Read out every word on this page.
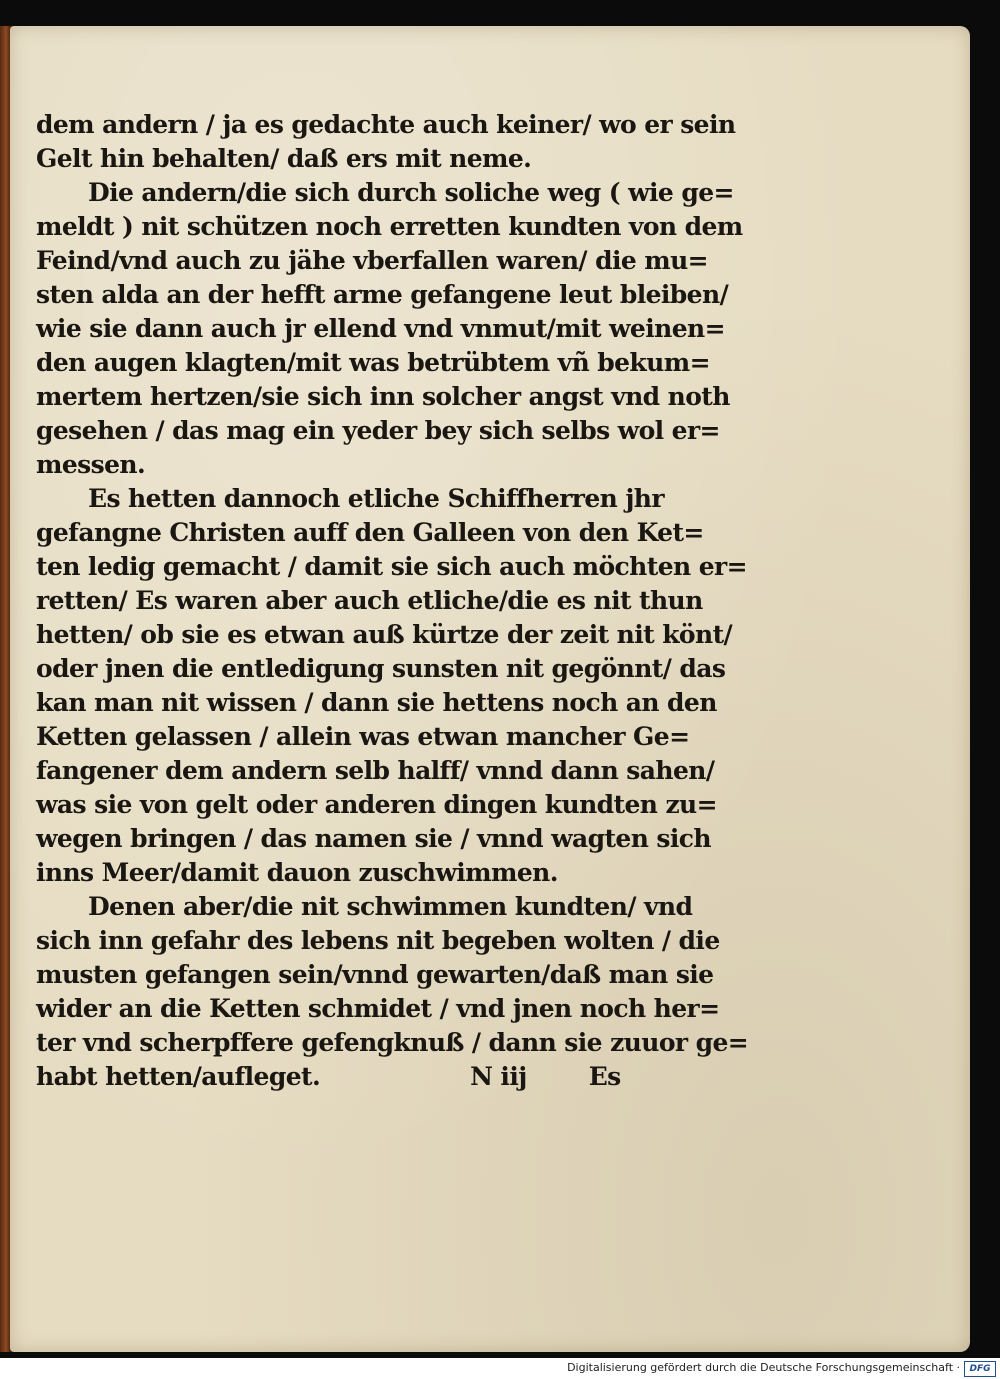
dem andern / ja es gedachte auch keiner/ wo er sein
Gelt hin behalten/ daß ers mit neme.
Die andern/die sich durch soliche weg ( wie ge=
meldt ) nit schützen noch erretten kundten von dem
Feind/vnd auch zu jähe vberfallen waren/ die mu=
sten alda an der hefft arme gefangene leut bleiben/
wie sie dann auch jr ellend vnd vnmut/mit weinen=
den augen klagten/mit was betrübtem vñ bekum=
mertem hertzen/sie sich inn solcher angst vnd noth
gesehen / das mag ein yeder bey sich selbs wol er=
messen.
Es hetten dannoch etliche Schiffherren jhr
gefangne Christen auff den Galleen von den Ket=
ten ledig gemacht / damit sie sich auch möchten er=
retten/ Es waren aber auch etliche/die es nit thun
hetten/ ob sie es etwan auß kürtze der zeit nit könt/
oder jnen die entledigung sunsten nit gegönnt/ das
kan man nit wissen / dann sie hettens noch an den
Ketten gelassen / allein was etwan mancher Ge=
fangener dem andern selb halff/ vnnd dann sahen/
was sie von gelt oder anderen dingen kundten zu=
wegen bringen / das namen sie / vnnd wagten sich
inns Meer/damit dauon zuschwimmen.
Denen aber/die nit schwimmen kundten/ vnd
sich inn gefahr des lebens nit begeben wolten / die
musten gefangen sein/vnnd gewarten/daß man sie
wider an die Ketten schmidet / vnd jnen noch her=
ter vnd scherpffere gefengknuß / dann sie zuuor ge=
habt hetten/aufleget.	N iij Es
Digitalisierung gefördert durch die Deutsche Forschungsgemeinschaft ·	DFG
